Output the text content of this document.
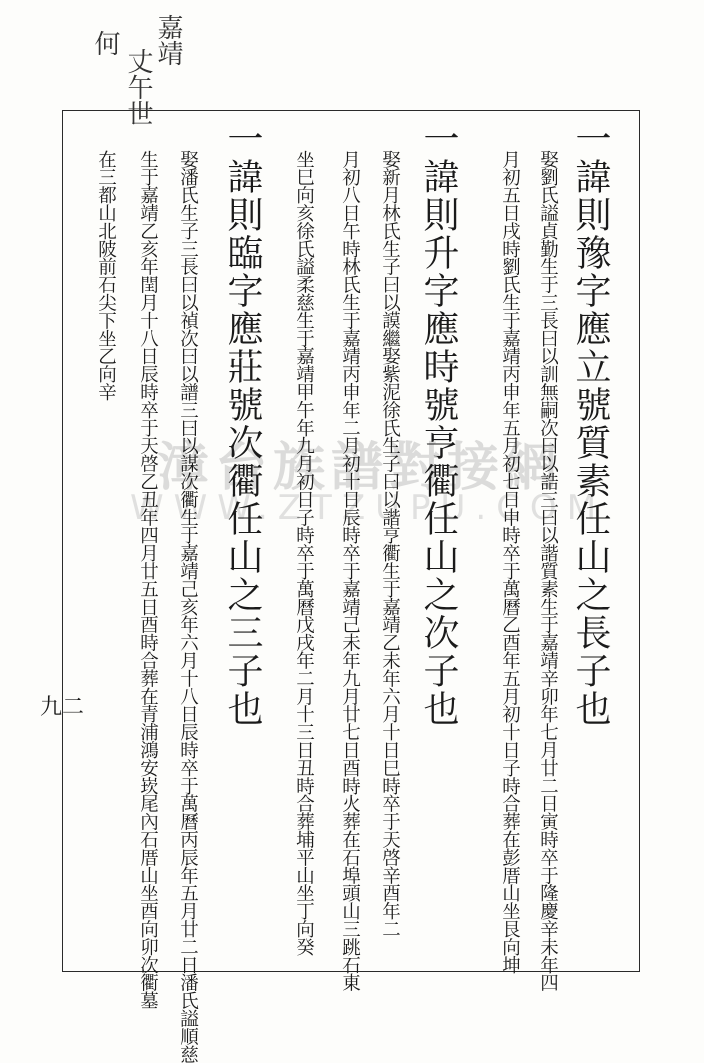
嘉靖
丈午世
何
九二
漳台族譜對接網
WWW.ZTZUPU.COM
一諱則豫字應立號質素任山之長子也
娶劉氏謚貞勤生于三長曰以訓無嗣次曰以誥三曰以諧質素生于嘉靖辛卯年七月廿二日寅時卒于隆慶辛未年四
月初五日戌時劉氏生于嘉靖丙申年五月初七日申時卒于萬曆乙酉年五月初十日子時合葬在彭厝山坐艮向坤
一諱則升字應時號亨衢任山之次子也
娶新月林氏生子曰以謨繼娶紫泥徐氏生子曰以諧亨衢生于嘉靖乙未年六月十日巳時卒于天啓辛酉年二
月初八日午時林氏生于嘉靖丙申年二月初十日辰時卒于嘉靖己未年九月廿七日酉時火葬在石埠頭山三跳石東
坐巳向亥徐氏謚柔慈生于嘉靖甲午年九月初日子時卒于萬曆戊戌年二月十三日丑時合葬埔平山坐丁向癸
一諱則臨字應莊號次衢任山之三子也
娶潘氏生子三長曰以禎次曰以譜三曰以謀次衢生于嘉靖己亥年六月十八日辰時卒于萬曆丙辰年五月廿二日潘氏謚順慈
生于嘉靖乙亥年閏月十八日辰時卒于天啓乙丑年四月廿五日酉時合葬在青浦鴻安崁尾內石厝山坐酉向卯次衢墓
在三都山北陂前石尖下坐乙向辛
